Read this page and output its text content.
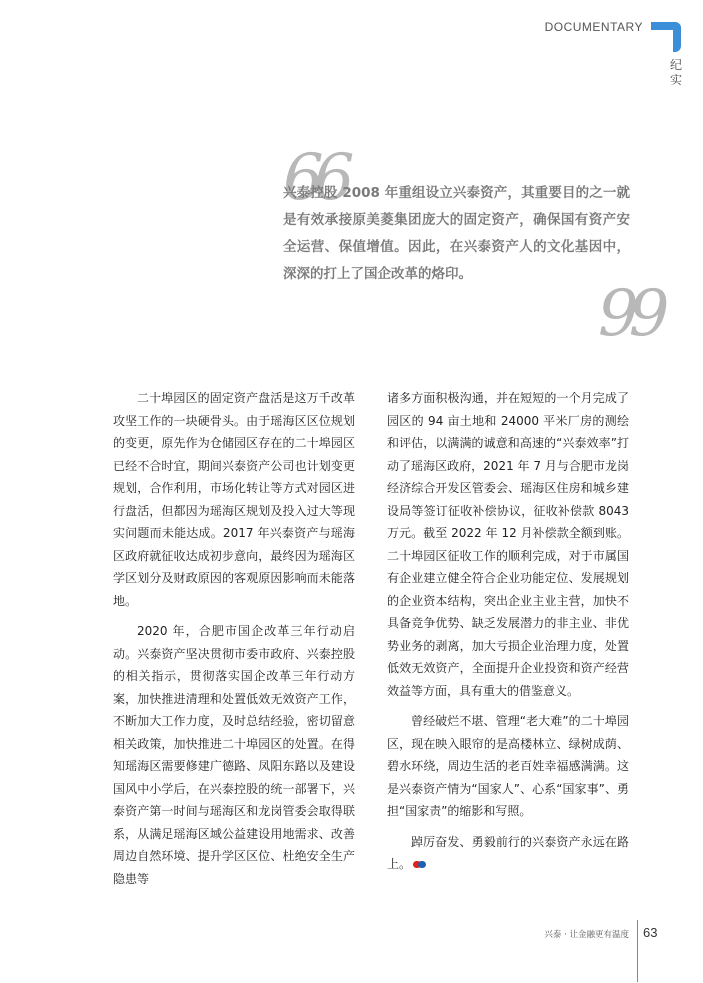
DOCUMENTARY
纪
实
66
兴泰控股 2008 年重组设立兴泰资产，其重要目的之一就是有效承接原美菱集团庞大的固定资产，确保国有资产安全运营、保值增值。因此，在兴泰资产人的文化基因中，深深的打上了国企改革的烙印。
99

二十埠园区的固定资产盘活是这万千改革攻坚工作的一块硬骨头。由于瑶海区区位规划的变更，原先作为仓储园区存在的二十埠园区已经不合时宜，期间兴泰资产公司也计划变更规划，合作利用，市场化转让等方式对园区进行盘活，但都因为瑶海区规划及投入过大等现实问题而未能达成。2017 年兴泰资产与瑶海区政府就征收达成初步意向，最终因为瑶海区学区划分及财政原因的客观原因影响而未能落地。

2020 年，合肥市国企改革三年行动启动。兴泰资产坚决贯彻市委市政府、兴泰控股的相关指示，贯彻落实国企改革三年行动方案，加快推进清理和处置低效无效资产工作，不断加大工作力度，及时总结经验，密切留意相关政策，加快推进二十埠园区的处置。在得知瑶海区需要修建广德路、凤阳东路以及建设国风中小学后，在兴泰控股的统一部署下，兴泰资产第一时间与瑶海区和龙岗管委会取得联系，从满足瑶海区域公益建设用地需求、改善周边自然环境、提升学区区位、杜绝安全生产隐患等

诸多方面积极沟通，并在短短的一个月完成了园区的 94 亩土地和 24000 平米厂房的测绘和评估，以满满的诚意和高速的“兴泰效率”打动了瑶海区政府，2021 年 7 月与合肥市龙岗经济综合开发区管委会、瑶海区住房和城乡建设局等签订征收补偿协议，征收补偿款 8043 万元。截至 2022 年 12 月补偿款全额到账。二十埠园区征收工作的顺利完成，对于市属国有企业建立健全符合企业功能定位、发展规划的企业资本结构，突出企业主业主营，加快不具备竞争优势、缺乏发展潜力的非主业、非优势业务的剥离，加大亏损企业治理力度，处置低效无效资产，全面提升企业投资和资产经营效益等方面，具有重大的借鉴意义。

曾经破烂不堪、管理“老大难”的二十埠园区，现在映入眼帘的是高楼林立、绿树成荫、碧水环绕，周边生活的老百姓幸福感满满。这是兴泰资产情为“国家人”、心系“国家事”、勇担“国家责”的缩影和写照。

踔厉奋发、勇毅前行的兴泰资产永远在路上。

兴泰 · 让金融更有温度 63
